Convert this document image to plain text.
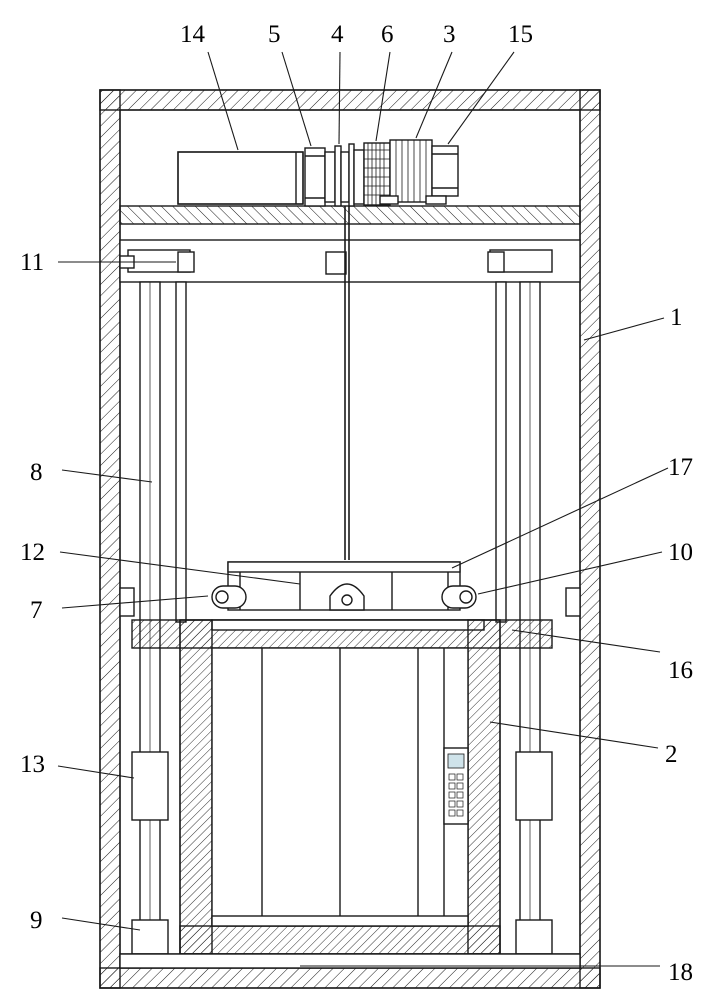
14	5 4 6 3 15
11
1
8	17
12	10
7
16
2
13
9
18
